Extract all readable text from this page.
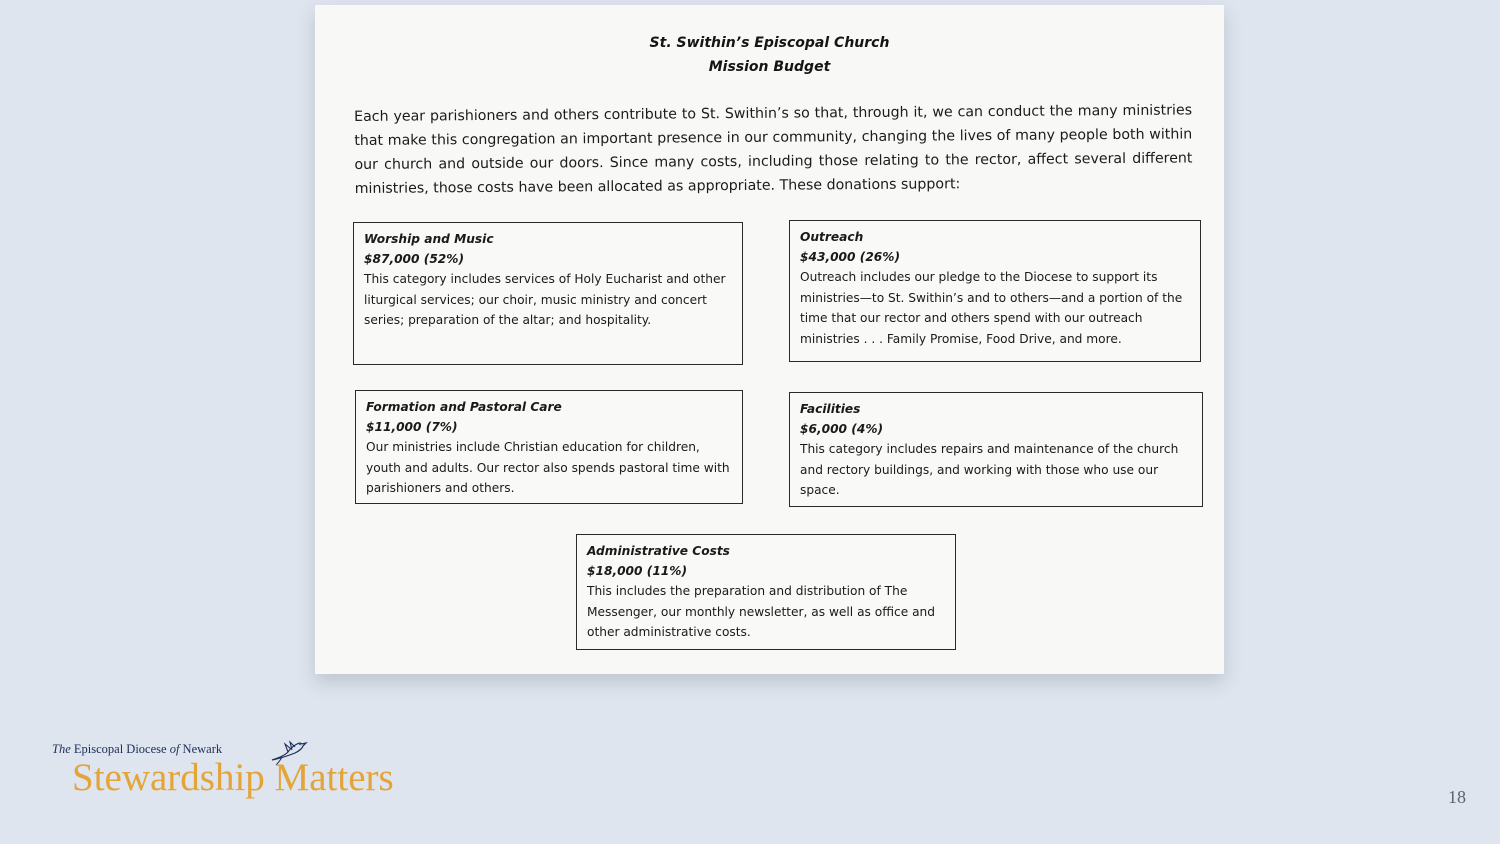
St. Swithin’s Episcopal Church
Mission Budget

Each year parishioners and others contribute to St. Swithin’s so that, through it, we can conduct the many ministries that make this congregation an important presence in our community, changing the lives of many people both within our church and outside our doors. Since many costs, including those relating to the rector, affect several different ministries, those costs have been allocated as appropriate. These donations support:

Worship and Music
$87,000 (52%)

This category includes services of Holy Eucharist and other liturgical services; our choir, music ministry and concert series; preparation of the altar; and hospitality.

Outreach
$43,000 (26%)

Outreach includes our pledge to the Diocese to support its ministries—to St. Swithin’s and to others—and a portion of the time that our rector and others spend with our outreach ministries . . . Family Promise, Food Drive, and more.

Formation and Pastoral Care
$11,000 (7%)

Our ministries include Christian education for children, youth and adults. Our rector also spends pastoral time with parishioners and others.

Facilities
$6,000 (4%)

This category includes repairs and maintenance of the church and rectory buildings, and working with those who use our space.

Administrative Costs
$18,000 (11%)

This includes the preparation and distribution of The Messenger, our monthly newsletter, as well as office and other administrative costs.

The Episcopal Diocese of Newark
Stewardship Matters	18
